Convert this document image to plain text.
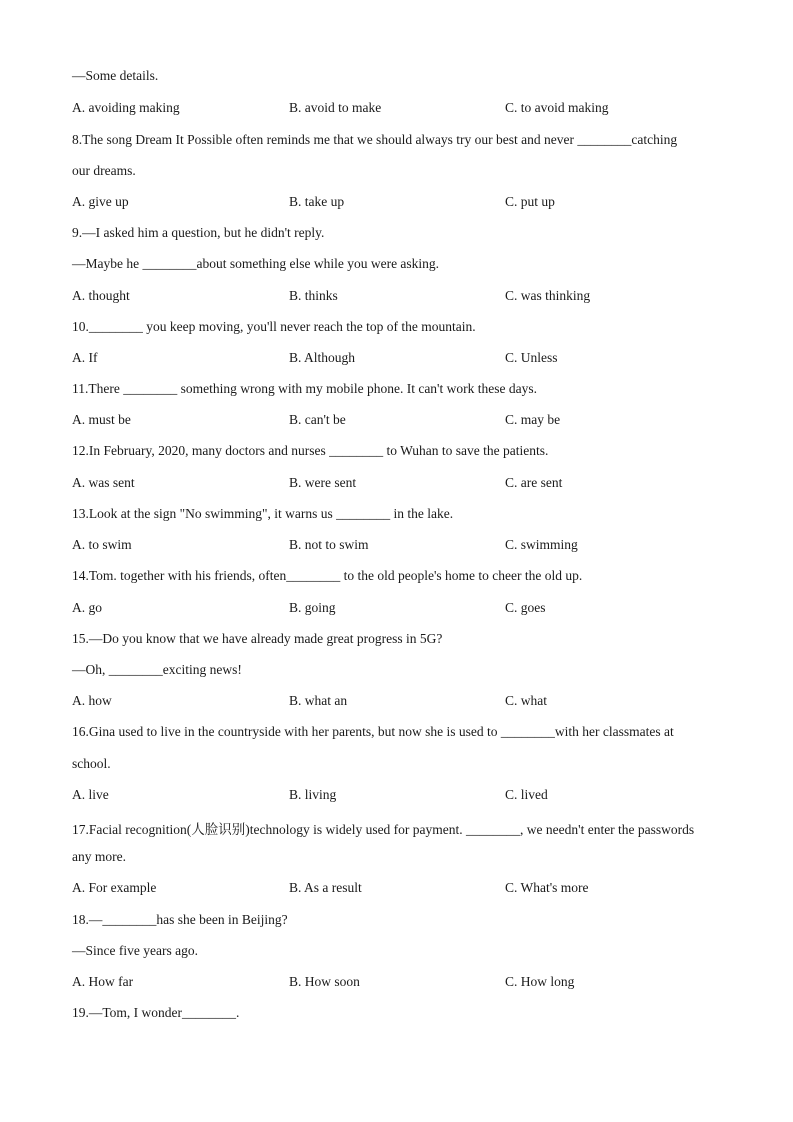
—Some details.
A. avoiding making	B. avoid to make	C. to avoid making
8.The song Dream It Possible often reminds me that we should always try our best and never ________catching
our dreams.
A. give up	B. take up	C. put up
9.—I asked him a question, but he didn't reply.
—Maybe he ________about something else while you were asking.
A. thought	B. thinks	C. was thinking
10.________ you keep moving, you'll never reach the top of the mountain.
A. If	B. Although	C. Unless
11.There ________ something wrong with my mobile phone. It can't work these days.
A. must be	B. can't be	C. may be
12.In February, 2020, many doctors and nurses ________ to Wuhan to save the patients.
A. was sent	B. were sent	C. are sent
13.Look at the sign "No swimming", it warns us ________ in the lake.
A. to swim	B. not to swim	C. swimming
14.Tom. together with his friends, often________ to the old people's home to cheer the old up.
A. go	B. going	C. goes
15.—Do you know that we have already made great progress in 5G?
—Oh, ________exciting news!
A. how	B. what an	C. what
16.Gina used to live in the countryside with her parents, but now she is used to ________with her classmates at
school.
A. live	B. living	C. lived
17.Facial recognition(人脸识别)technology is widely used for payment. ________, we needn't enter the passwords
any more.
A. For example	B. As a result	C. What's more
18.—________has she been in Beijing?
—Since five years ago.
A. How far	B. How soon	C. How long
19.—Tom, I wonder________.
